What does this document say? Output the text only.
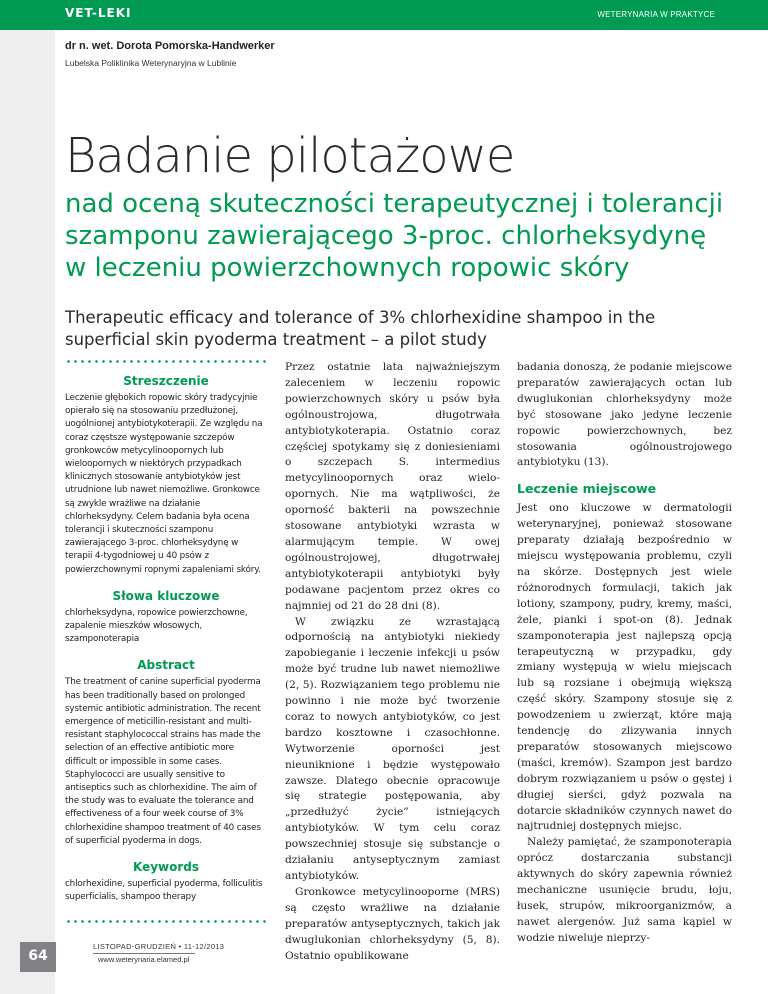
VET-LEKI	WETERYNARIA W PRAKTYCE
dr n. wet. Dorota Pomorska-Handwerker
Lubelska Poliklinika Weterynaryjna w Lublinie
Badanie pilotażowe
nad oceną skuteczności terapeutycznej i tolerancji szamponu zawierającego 3-proc. chlorheksydynę w leczeniu powierzchownych ropowic skóry
Therapeutic efficacy and tolerance of 3% chlorhexidine shampoo in the superficial skin pyoderma treatment – a pilot study
Streszczenie

Leczenie głębokich ropowic skóry tradycyjnie opierało się na stosowaniu przedłużonej, uogólnionej antybiotykoterapii. Ze względu na coraz częstsze występowanie szczepów gronkowców metycylinoopornych lub wieloopornych w niektórych przypadkach klinicznych stosowanie antybiotyków jest utrudnione lub nawet niemożliwe. Gronkowce są zwykle wrażliwe na działanie chlorheksydyny. Celem badania była ocena tolerancji i skuteczności szamponu zawierającego 3-proc. chlorheksydynę w terapii 4-tygodniowej u 40 psów z powierzchownymi ropnymi zapaleniami skóry.

Słowa kluczowe

chlorheksydyna, ropowice powierzchowne, zapalenie mieszków włosowych, szamponoterapia

Abstract

The treatment of canine superficial pyoderma has been traditionally based on prolonged systemic antibiotic administration. The recent emergence of meticillin-resistant and multi-resistant staphylococcal strains has made the selection of an effective antibiotic more difficult or impossible in some cases. Staphylococci are usually sensitive to antiseptics such as chlorhexidine. The aim of the study was to evaluate the tolerance and effectiveness of a four week course of 3% chlorhexidine shampoo treatment of 40 cases of superficial pyoderma in dogs.

Keywords

chlorhexidine, superficial pyoderma, folliculitis superficialis, shampoo therapy

Przez ostatnie lata najważniejszym zaleceniem w leczeniu ropowic powierzchownych skóry u psów była ogólnoustrojowa, długotrwała antybiotykoterapia. Ostatnio coraz częściej spotykamy się z doniesieniami o szczepach S. intermedius metycylinoopornych oraz wieloopornych. Nie ma wątpliwości, że oporność bakterii na powszechnie stosowane antybiotyki wzrasta w alarmującym tempie. W owej ogólnoustrojowej, długotrwałej antybiotykoterapii antybiotyki były podawane pacjentom przez okres co najmniej od 21 do 28 dni (8).

W związku ze wzrastającą odpornością na antybiotyki niekiedy zapobieganie i leczenie infekcji u psów może być trudne lub nawet niemożliwe (2, 5). Rozwiązaniem tego problemu nie powinno i nie może być tworzenie coraz to nowych antybiotyków, co jest bardzo kosztowne i czasochłonne. Wytworzenie oporności jest nieuniknione i będzie występowało zawsze. Dlatego obecnie opracowuje się strategie postępowania, aby „przedłużyć życie” istniejących antybiotyków. W tym celu coraz powszechniej stosuje się substancje o działaniu antyseptycznym zamiast antybiotyków.

Gronkowce metycylinooporne (MRS) są często wrażliwe na działanie preparatów antyseptycznych, takich jak dwuglukonian chlorheksydyny (5, 8). Ostatnio opublikowane

badania donoszą, że podanie miejscowe preparatów zawierających octan lub dwuglukonian chlorheksydyny może być stosowane jako jedyne leczenie ropowic powierzchownych, bez stosowania ogólnoustrojowego antybiotyku (13).

Leczenie miejscowe

Jest ono kluczowe w dermatologii weterynaryjnej, ponieważ stosowane preparaty działają bezpośrednio w miejscu występowania problemu, czyli na skórze. Dostępnych jest wiele różnorodnych formulacji, takich jak lotiony, szampony, pudry, kremy, maści, żele, pianki i spot-on (8). Jednak szamponoterapia jest najlepszą opcją terapeutyczną w przypadku, gdy zmiany występują w wielu miejscach lub są rozsiane i obejmują większą część skóry. Szampony stosuje się z powodzeniem u zwierząt, które mają tendencję do zlizywania innych preparatów stosowanych miejscowo (maści, kremów). Szampon jest bardzo dobrym rozwiązaniem u psów o gęstej i długiej sierści, gdyż pozwala na dotarcie składników czynnych nawet do najtrudniej dostępnych miejsc.

Należy pamiętać, że szamponoterapia oprócz dostarczania substancji aktywnych do skóry zapewnia również mechaniczne usunięcie brudu, łoju, łusek, strupów, mikroorganizmów, a nawet alergenów. Już sama kąpiel w wodzie niweluje nieprzy-

64
LISTOPAD-GRUDZIEŃ • 11-12/2013
www.weterynaria.elamed.pl
